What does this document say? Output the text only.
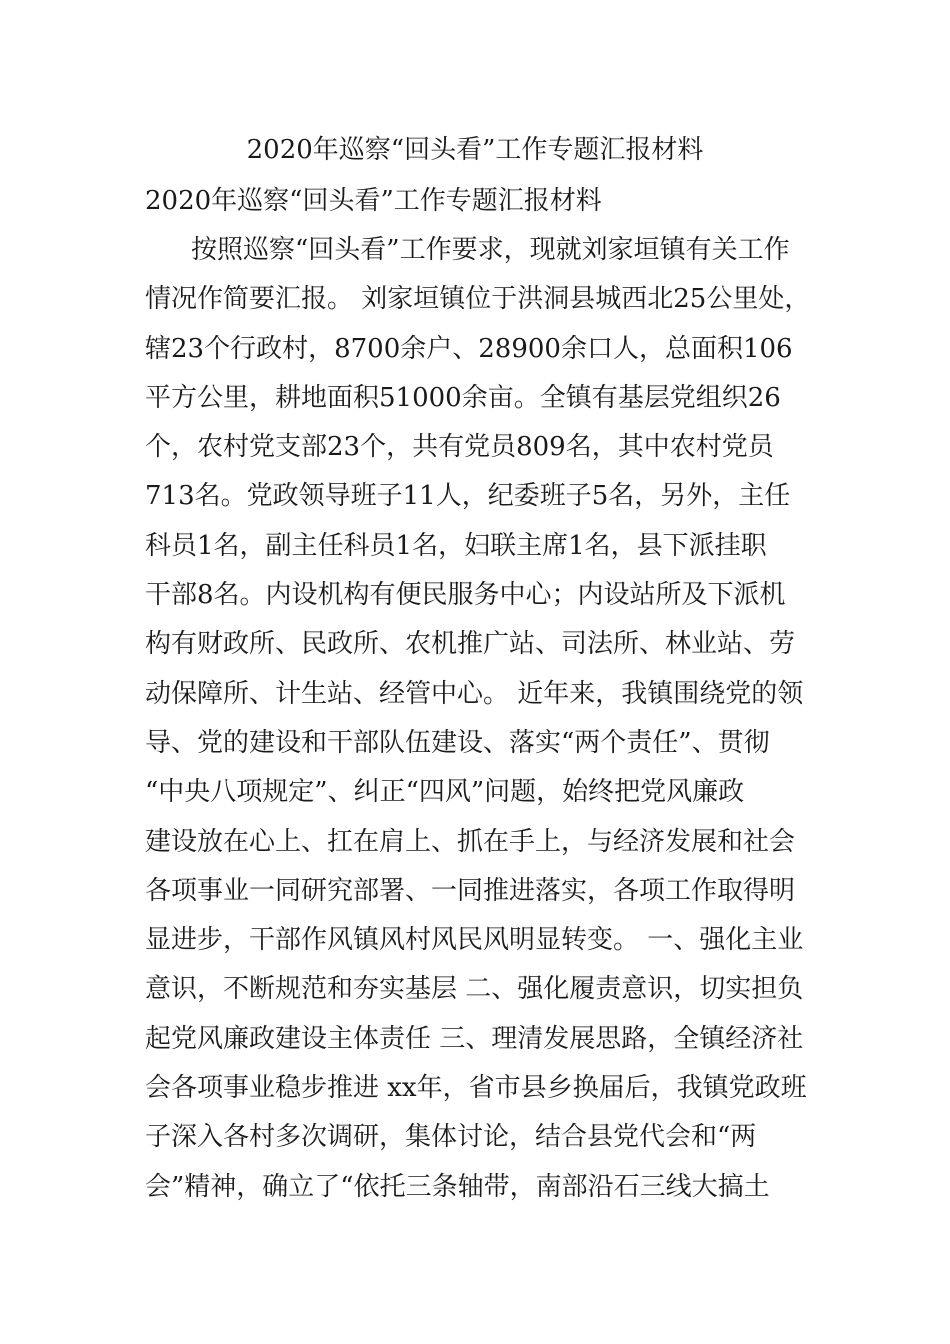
2020年巡察“回头看”工作专题汇报材料
2020年巡察“回头看”工作专题汇报材料
按照巡察“回头看”工作要求，现就刘家垣镇有关工作
情况作简要汇报。 刘家垣镇位于洪洞县城西北25公里处，
辖23个行政村，8700余户、28900余口人，总面积106
平方公里，耕地面积51000余亩。全镇有基层党组织26
个，农村党支部23个，共有党员809名，其中农村党员
713名。党政领导班子11人，纪委班子5名，另外，主任
科员1名，副主任科员1名，妇联主席1名，县下派挂职
干部8名。内设机构有便民服务中心；内设站所及下派机
构有财政所、民政所、农机推广站、司法所、林业站、劳
动保障所、计生站、经管中心。 近年来，我镇围绕党的领
导、党的建设和干部队伍建设、落实“两个责任”、贯彻
“中央八项规定”、纠正“四风”问题，始终把党风廉政
建设放在心上、扛在肩上、抓在手上，与经济发展和社会
各项事业一同研究部署、一同推进落实，各项工作取得明
显进步，干部作风镇风村风民风明显转变。 一、强化主业
意识，不断规范和夯实基层 二、强化履责意识，切实担负
起党风廉政建设主体责任 三、理清发展思路，全镇经济社
会各项事业稳步推进 xx年，省市县乡换届后，我镇党政班
子深入各村多次调研，集体讨论，结合县党代会和“两
会”精神，确立了“依托三条轴带，南部沿石三线大搞土
